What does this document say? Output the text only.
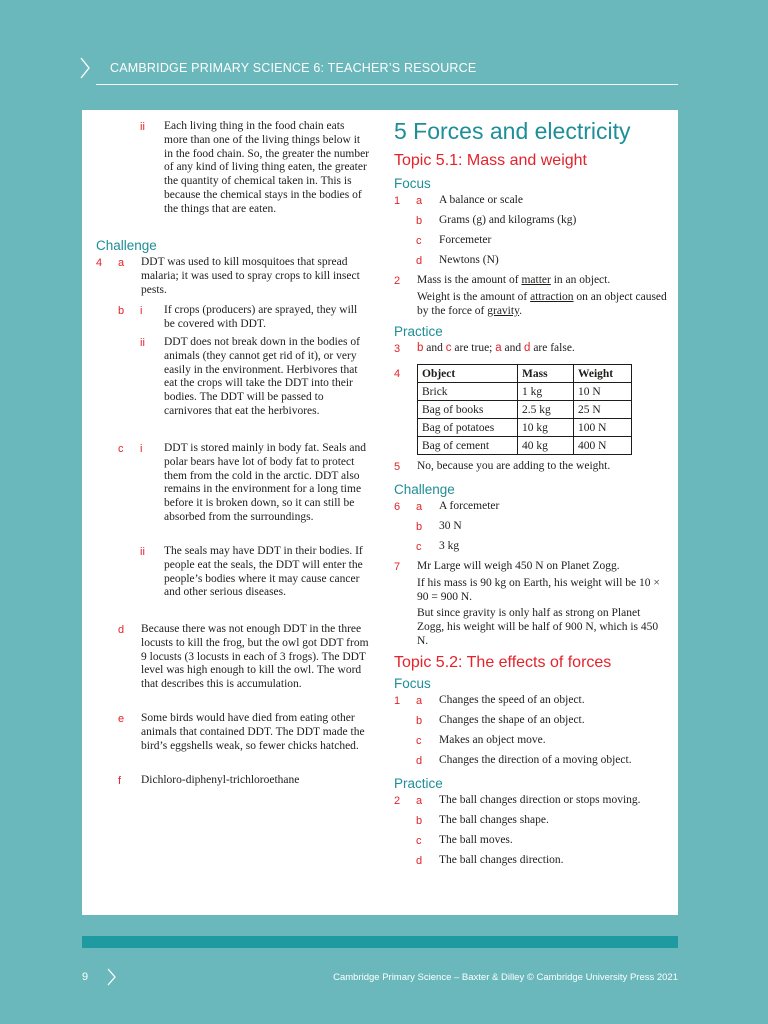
CAMBRIDGE PRIMARY SCIENCE 6: TEACHER’S RESOURCE
ii Each living thing in the food chain eats more than one of the living things below it in the food chain. So, the greater the number of any kind of living thing eaten, the greater the quantity of chemical taken in. This is because the chemical stays in the bodies of the things that are eaten.
Challenge
4 a DDT was used to kill mosquitoes that spread malaria; it was used to spray crops to kill insect pests.
b i If crops (producers) are sprayed, they will be covered with DDT.
ii DDT does not break down in the bodies of animals (they cannot get rid of it), or very easily in the environment. Herbivores that eat the crops will take the DDT into their bodies. The DDT will be passed to carnivores that eat the herbivores.
c i DDT is stored mainly in body fat. Seals and polar bears have lot of body fat to protect them from the cold in the arctic. DDT also remains in the environment for a long time before it is broken down, so it can still be absorbed from the surroundings.
ii The seals may have DDT in their bodies. If people eat the seals, the DDT will enter the people’s bodies where it may cause cancer and other serious diseases.
d Because there was not enough DDT in the three locusts to kill the frog, but the owl got DDT from 9 locusts (3 locusts in each of 3 frogs). The DDT level was high enough to kill the owl. The word that describes this is accumulation.
e Some birds would have died from eating other animals that contained DDT. The DDT made the bird’s eggshells weak, so fewer chicks hatched.
f Dichloro-diphenyl-trichloroethane
5 Forces and electricity
Topic 5.1: Mass and weight
Focus
1 a A balance or scale
b Grams (g) and kilograms (kg)
c Forcemeter
d Newtons (N)
2 Mass is the amount of matter in an object.
Weight is the amount of attraction on an object caused by the force of gravity.
Practice
3 b and c are true; a and d are false.
4 Object	Mass	Weight
Brick	1 kg	10 N
Bag of books	2.5 kg	25 N
Bag of potatoes	10 kg	100 N
Bag of cement	40 kg	400 N
5 No, because you are adding to the weight.
Challenge
6 a A forcemeter
b 30 N
c 3 kg
7 Mr Large will weigh 450 N on Planet Zogg.
If his mass is 90 kg on Earth, his weight will be 10 × 90 = 900 N.
But since gravity is only half as strong on Planet Zogg, his weight will be half of 900 N, which is 450 N.
Topic 5.2: The effects of forces
Focus
1 a Changes the speed of an object.
b Changes the shape of an object.
c Makes an object move.
d Changes the direction of a moving object.
Practice
2 a The ball changes direction or stops moving.
b The ball changes shape.
c The ball moves.
d The ball changes direction.
9	Cambridge Primary Science – Baxter & Dilley © Cambridge University Press 2021
